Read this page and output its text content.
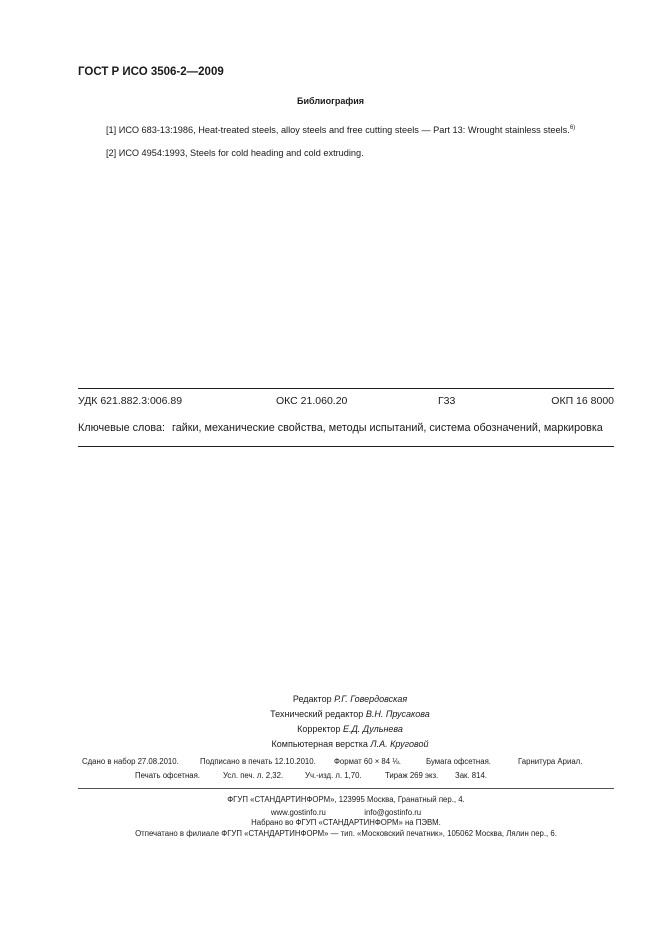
ГОСТ Р ИСО 3506-2—2009
Библиография
[1] ИСО 683-13:1986, Heat-treated steels, alloy steels and free cutting steels — Part 13: Wrought stainless steels.$^{6)}$
[2] ИСО 4954:1993, Steels for cold heading and cold extruding.
УДК 621.882.3:006.89	ОКС 21.060.20	Г33	ОКП 16 8000
Ключевые слова: гайки, механические свойства, методы испытаний, система обозначений, маркировка
Редактор Р.Г. Говердовская
Технический редактор В.Н. Прусакова
Корректор Е.Д. Дульнева
Компьютерная верстка Л.А. Круговой
Сдано в набор 27.08.2010.	Подписано в печать 12.10.2010.	Формат 60 × 84 ⅛.	Бумага офсетная.	Гарнитура Ариал.
Печать офсетная.	Усл. печ. л. 2,32.	Уч.-изд. л. 1,70.	Тираж 269 экз.	Зак. 814.
ФГУП «СТАНДАРТИНФОРМ», 123995 Москва, Гранатный пер., 4.
www.gostinfo.ru	info@gostinfo.ru
Набрано во ФГУП «СТАНДАРТИНФОРМ» на ПЭВМ.
Отпечатано в филиале ФГУП «СТАНДАРТИНФОРМ» — тип. «Московский печатник», 105062 Москва, Лялин пер., 6.
